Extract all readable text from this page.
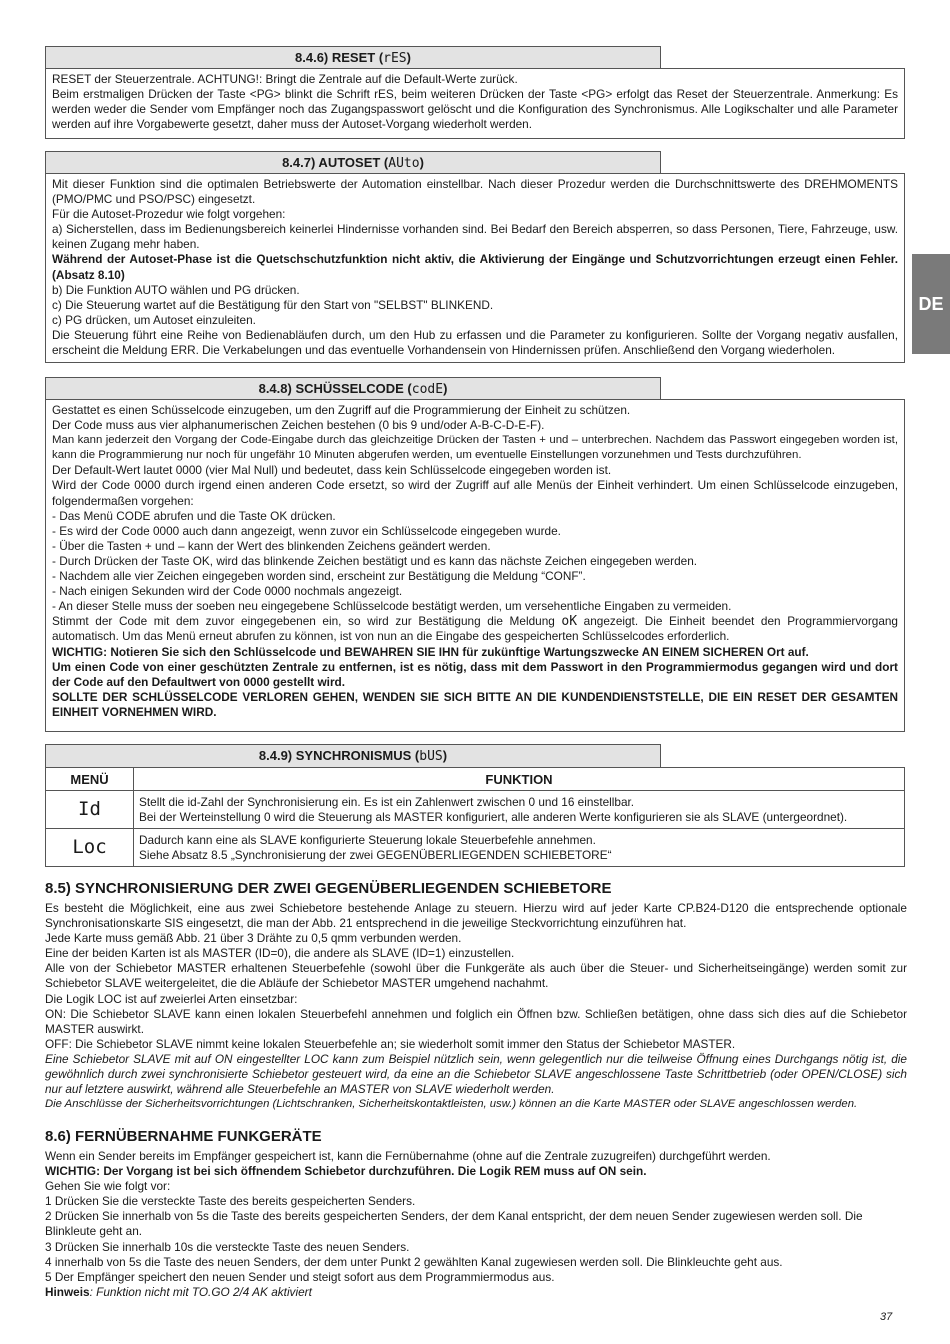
8.4.6) RESET (rES)
RESET der Steuerzentrale. ACHTUNG!: Bringt die Zentrale auf die Default-Werte zurück.
Beim erstmaligen Drücken der Taste <PG> blinkt die Schrift rES, beim weiteren Drücken der Taste <PG> erfolgt das Reset der Steuerzentrale. Anmerkung: Es werden weder die Sender vom Empfänger noch das Zugangspasswort gelöscht und die Konfiguration des Synchronismus. Alle Logikschalter und alle Parameter werden auf ihre Vorgabewerte gesetzt, daher muss der Autoset-Vorgang wiederholt werden.
8.4.7) AUTOSET (AUto)
Mit dieser Funktion sind die optimalen Betriebswerte der Automation einstellbar. Nach dieser Prozedur werden die Durchschnittswerte des DREHMOMENTS (PMO/PMC und PSO/PSC) eingesetzt.
Für die Autoset-Prozedur wie folgt vorgehen:
a) Sicherstellen, dass im Bedienungsbereich keinerlei Hindernisse vorhanden sind. Bei Bedarf den Bereich absperren, so dass Personen, Tiere, Fahrzeuge, usw. keinen Zugang mehr haben.
Während der Autoset-Phase ist die Quetschschutzfunktion nicht aktiv, die Aktivierung der Eingänge und Schutzvorrichtungen erzeugt einen Fehler. (Absatz 8.10)
b) Die Funktion AUTO wählen und PG drücken.
c) Die Steuerung wartet auf die Bestätigung für den Start von "SELBST" BLINKEND.
c) PG drücken, um Autoset einzuleiten.
Die Steuerung führt eine Reihe von Bedienabläufen durch, um den Hub zu erfassen und die Parameter zu konfigurieren. Sollte der Vorgang negativ ausfallen, erscheint die Meldung ERR. Die Verkabelungen und das eventuelle Vorhandensein von Hindernissen prüfen. Anschließend den Vorgang wiederholen.
8.4.8) SCHÜSSELCODE (codE)
Gestattet es einen Schüsselcode einzugeben, um den Zugriff auf die Programmierung der Einheit zu schützen.
Der Code muss aus vier alphanumerischen Zeichen bestehen (0 bis 9 und/oder A-B-C-D-E-F).
Man kann jederzeit den Vorgang der Code-Eingabe durch das gleichzeitige Drücken der Tasten + und – unterbrechen. Nachdem das Passwort eingegeben worden ist, kann die Programmierung nur noch für ungefähr 10 Minuten abgerufen werden, um eventuelle Einstellungen vorzunehmen und Tests durchzuführen.
Der Default-Wert lautet 0000 (vier Mal Null) und bedeutet, dass kein Schlüsselcode eingegeben worden ist.
Wird der Code 0000 durch irgend einen anderen Code ersetzt, so wird der Zugriff auf alle Menüs der Einheit verhindert. Um einen Schlüsselcode einzugeben, folgendermaßen vorgehen:
- Das Menü CODE abrufen und die Taste OK drücken.
- Es wird der Code 0000 auch dann angezeigt, wenn zuvor ein Schlüsselcode eingegeben wurde.
- Über die Tasten + und – kann der Wert des blinkenden Zeichens geändert werden.
- Durch Drücken der Taste OK, wird das blinkende Zeichen bestätigt und es kann das nächste Zeichen eingegeben werden.
- Nachdem alle vier Zeichen eingegeben worden sind, erscheint zur Bestätigung die Meldung “CONF”.
- Nach einigen Sekunden wird der Code 0000 nochmals angezeigt.
- An dieser Stelle muss der soeben neu eingegebene Schlüsselcode bestätigt werden, um versehentliche Eingaben zu vermeiden.
Stimmt der Code mit dem zuvor eingegebenen ein, so wird zur Bestätigung die Meldung oK angezeigt. Die Einheit beendet den Programmiervorgang automatisch. Um das Menü erneut abrufen zu können, ist von nun an die Eingabe des gespeicherten Schlüsselcodes erforderlich.
WICHTIG: Notieren Sie sich den Schlüsselcode und BEWAHREN SIE IHN für zukünftige Wartungszwecke AN EINEM SICHEREN Ort auf.
Um einen Code von einer geschützten Zentrale zu entfernen, ist es nötig, dass mit dem Passwort in den Programmiermodus gegangen wird und dort der Code auf den Defaultwert von 0000 gestellt wird.
SOLLTE DER SCHLÜSSELCODE VERLOREN GEHEN, WENDEN SIE SICH BITTE AN DIE KUNDENDIENSTSTELLE, DIE EIN RESET DER GESAMTEN EINHEIT VORNEHMEN WIRD.
8.4.9) SYNCHRONISMUS (bUS)
MENÜ	FUNKTION
Id	Stellt die id-Zahl der Synchronisierung ein. Es ist ein Zahlenwert zwischen 0 und 16 einstellbar.
Bei der Werteinstellung 0 wird die Steuerung als MASTER konfiguriert, alle anderen Werte konfigurieren sie als SLAVE (untergeordnet).

Loc	Dadurch kann eine als SLAVE konfigurierte Steuerung lokale Steuerbefehle annehmen.
Siehe Absatz 8.5 „Synchronisierung der zwei GEGENÜBERLIEGENDEN SCHIEBETORE“
8.5) SYNCHRONISIERUNG DER ZWEI GEGENÜBERLIEGENDEN SCHIEBETORE

Es besteht die Möglichkeit, eine aus zwei Schiebetore bestehende Anlage zu steuern. Hierzu wird auf jeder Karte CP.B24-D120 die entsprechende optionale Synchronisationskarte SIS eingesetzt, die man der Abb. 21 entsprechend in die jeweilige Steckvorrichtung einzuführen hat.

Jede Karte muss gemäß Abb. 21 über 3 Drähte zu 0,5 qmm verbunden werden.

Eine der beiden Karten ist als MASTER (ID=0), die andere als SLAVE (ID=1) einzustellen.

Alle von der Schiebetor MASTER erhaltenen Steuerbefehle (sowohl über die Funkgeräte als auch über die Steuer- und Sicherheitseingänge) werden somit zur Schiebetor SLAVE weitergeleitet, die die Abläufe der Schiebetor MASTER umgehend nachahmt.

Die Logik LOC ist auf zweierlei Arten einsetzbar:

ON: Die Schiebetor SLAVE kann einen lokalen Steuerbefehl annehmen und folglich ein Öffnen bzw. Schließen betätigen, ohne dass sich dies auf die Schiebetor MASTER auswirkt.

OFF: Die Schiebetor SLAVE nimmt keine lokalen Steuerbefehle an; sie wiederholt somit immer den Status der Schiebetor MASTER.

Eine Schiebetor SLAVE mit auf ON eingestellter LOC kann zum Beispiel nützlich sein, wenn gelegentlich nur die teilweise Öffnung eines Durchgangs nötig ist, die gewöhnlich durch zwei synchronisierte Schiebetor gesteuert wird, da eine an die Schiebetor SLAVE angeschlossene Taste Schrittbetrieb (oder OPEN/CLOSE) sich nur auf letztere auswirkt, während alle Steuerbefehle an MASTER von SLAVE wiederholt werden.

Die Anschlüsse der Sicherheitsvorrichtungen (Lichtschranken, Sicherheitskontaktleisten, usw.) können an die Karte MASTER oder SLAVE angeschlossen werden.

8.6) FERNÜBERNAHME FUNKGERÄTE

Wenn ein Sender bereits im Empfänger gespeichert ist, kann die Fernübernahme (ohne auf die Zentrale zuzugreifen) durchgeführt werden.

WICHTIG: Der Vorgang ist bei sich öffnendem Schiebetor durchzuführen. Die Logik REM muss auf ON sein.

Gehen Sie wie folgt vor:

1 Drücken Sie die versteckte Taste des bereits gespeicherten Senders.

2 Drücken Sie innerhalb von 5s die Taste des bereits gespeicherten Senders, der dem Kanal entspricht, der dem neuen Sender zugewiesen werden soll. Die Blinkleute geht an.

3 Drücken Sie innerhalb 10s die versteckte Taste des neuen Senders.

4 innerhalb von 5s die Taste des neuen Senders, der dem unter Punkt 2 gewählten Kanal zugewiesen werden soll. Die Blinkleuchte geht aus.

5 Der Empfänger speichert den neuen Sender und steigt sofort aus dem Programmiermodus aus.

Hinweis: Funktion nicht mit TO.GO 2/4 AK aktiviert

DE
37
